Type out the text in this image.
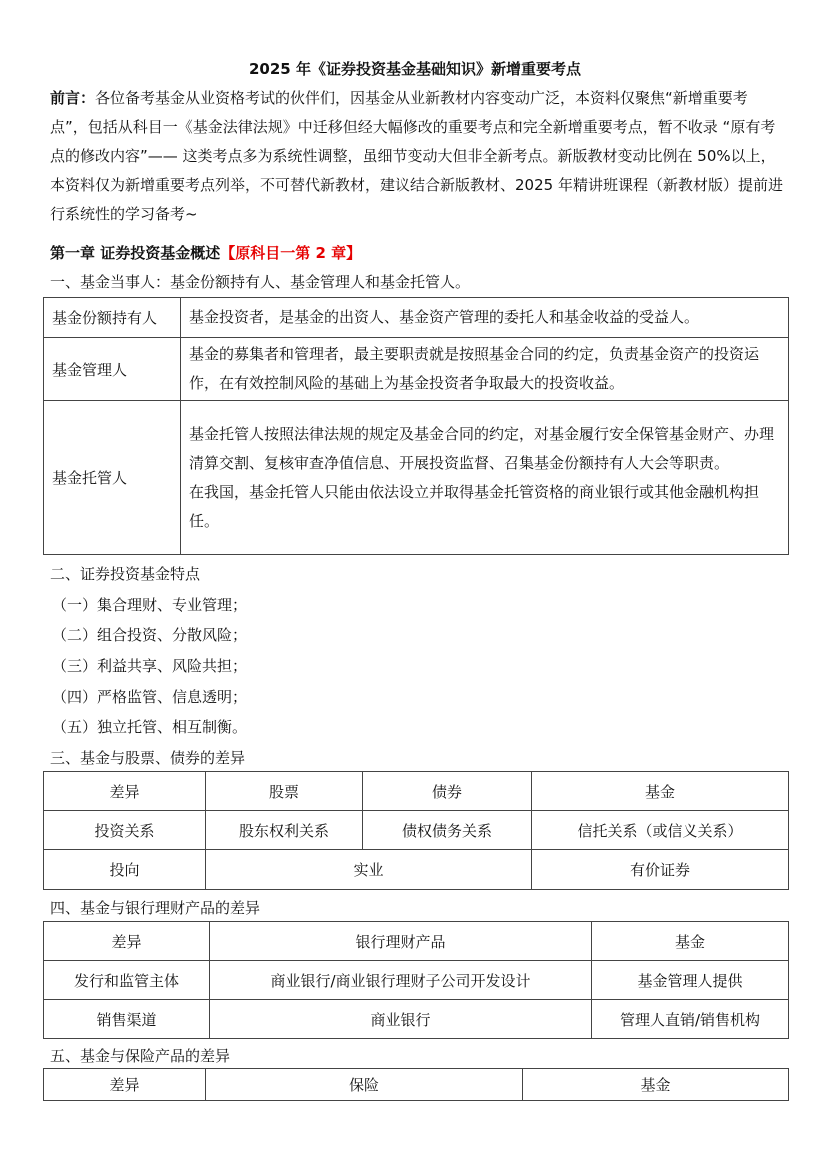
2025 年《证券投资基金基础知识》新增重要考点
前言：各位备考基金从业资格考试的伙伴们，因基金从业新教材内容变动广泛，本资料仅聚焦“新增重要考点”，包括从科目一《基金法律法规》中迁移但经大幅修改的重要考点和完全新增重要考点，暂不收录 “原有考点的修改内容”—— 这类考点多为系统性调整，虽细节变动大但非全新考点。新版教材变动比例在 50%以上，本资料仅为新增重要考点列举，不可替代新教材，建议结合新版教材、2025 年精讲班课程（新教材版）提前进行系统性的学习备考~
第一章 证券投资基金概述【原科目一第 2 章】
一、基金当事人：基金份额持有人、基金管理人和基金托管人。
基金份额持有人	基金投资者，是基金的出资人、基金资产管理的委托人和基金收益的受益人。
基金管理人	基金的募集者和管理者，最主要职责就是按照基金合同的约定，负责基金资产的投资运作，在有效控制风险的基础上为基金投资者争取最大的投资收益。
基金托管人	基金托管人按照法律法规的规定及基金合同的约定，对基金履行安全保管基金财产、办理清算交割、复核审查净值信息、开展投资监督、召集基金份额持有人大会等职责。
在我国，基金托管人只能由依法设立并取得基金托管资格的商业银行或其他金融机构担任。
二、证券投资基金特点
（一）集合理财、专业管理；
（二）组合投资、分散风险；
（三）利益共享、风险共担；
（四）严格监管、信息透明；
（五）独立托管、相互制衡。
三、基金与股票、债券的差异
差异	股票	债券	基金
投资关系	股东权利关系	债权债务关系	信托关系（或信义关系）
投向	实业		有价证券
四、基金与银行理财产品的差异
差异	银行理财产品	基金
发行和监管主体	商业银行/商业银行理财子公司开发设计	基金管理人提供
销售渠道	商业银行	管理人直销/销售机构
五、基金与保险产品的差异
差异	保险	基金
